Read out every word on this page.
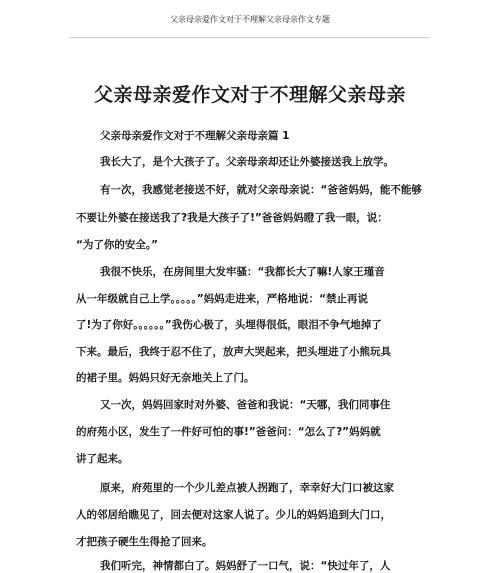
父亲母亲爱作文对于不理解父亲母亲作文专题
父亲母亲爱作文对于不理解父亲母亲
父亲母亲爱作文对于不理解父亲母亲篇 1
我长大了，是个大孩子了。父亲母亲却还让外婆接送我上放学。
有一次，我感觉老接送不好，就对父亲母亲说：“爸爸妈妈，能不能够
不要让外婆在接送我了?我是大孩子了!”爸爸妈妈瞪了我一眼，说：
“为了你的安全。”
我很不快乐，在房间里大发牢骚：“我都长大了嘛!人家王瑾音
从一年级就自己上学。。。。。”妈妈走进来，严格地说：“禁止再说
了!为了你好。。。。。。”我伤心极了，头埋得很低，眼泪不争气地掉了
下来。最后，我终于忍不住了，放声大哭起来，把头埋进了小熊玩具
的裙子里。妈妈只好无奈地关上了门。
又一次，妈妈回家时对外婆、爸爸和我说：“天哪，我们同事住
的府苑小区，发生了一件好可怕的事!”爸爸问：“怎么了?”妈妈就
讲了起来。
原来，府苑里的一个少儿差点被人拐跑了，幸幸好大门口被这家
人的邻居给瞧见了，回去便对这家人说了。少儿的妈妈追到大门口，
才把孩子硬生生得抢了回来。
我们听完，神情都白了。妈妈舒了一口气，说：“快过年了，人
